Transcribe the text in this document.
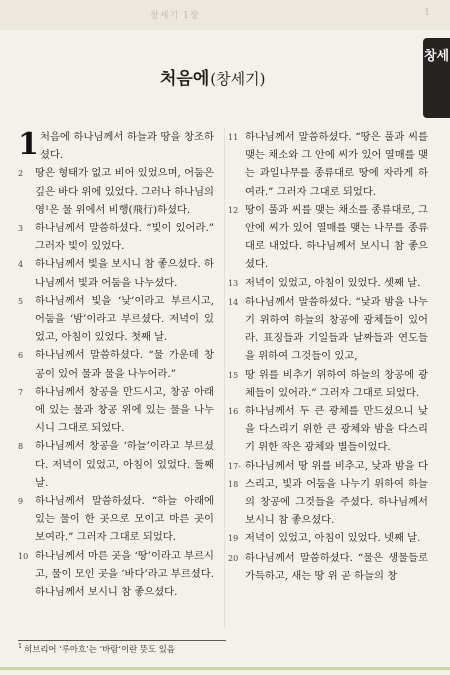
창세기 1장	1
창세
처음에(창세기)
1 처음에 하나님께서 하늘과 땅을 창조하셨다.
2	땅은 형태가 없고 비어 있었으며, 어둠은 깊은 바다 위에 있었다. 그러나 하나님의 영¹은 물 위에서 비행(飛行)하셨다.
3	하나님께서 말씀하셨다. “빛이 있어라.” 그러자 빛이 있었다.
4	하나님께서 빛을 보시니 참 좋으셨다. 하나님께서 빛과 어둠을 나누셨다.
5	하나님께서 빛을 ‘낮’이라고 부르시고, 어둠을 ‘밤’이라고 부르셨다. 저녁이 있었고, 아침이 있었다. 첫째 날.
6	하나님께서 말씀하셨다. “물 가운데 창공이 있어 물과 물을 나누어라.”
7	하나님께서 창공을 만드시고, 창공 아래에 있는 물과 창공 위에 있는 물을 나누시니 그대로 되었다.
8	하나님께서 창공을 ‘하늘’이라고 부르셨다. 저녁이 있었고, 아침이 있었다. 둘째 날.
9	하나님께서 말씀하셨다. “하늘 아래에 있는 물이 한 곳으로 모이고 마른 곳이 보여라.” 그러자 그대로 되었다.
10 하나님께서 마른 곳을 ‘땅’이라고 부르시고, 물이 모인 곳을 ‘바다’라고 부르셨다. 하나님께서 보시니 참 좋으셨다.
11 하나님께서 말씀하셨다. “땅은 풀과 씨를 맺는 채소와 그 안에 씨가 있어 열매를 맺는 과일나무를 종류대로 땅에 자라게 하여라.” 그러자 그대로 되었다.
12 땅이 풀과 씨를 맺는 채소를 종류대로, 그 안에 씨가 있어 열매를 맺는 나무를 종류대로 내었다. 하나님께서 보시니 참 좋으셨다.
13 저녁이 있었고, 아침이 있었다. 셋째 날.
14 하나님께서 말씀하셨다. “낮과 밤을 나누기 위하여 하늘의 창공에 광체들이 있어라. 표징들과 기일들과 날짜들과 연도들을 위하여 그것들이 있고,
15 땅 위를 비추기 위하여 하늘의 창공에 광체들이 있어라.” 그러자 그대로 되었다.
16 하나님께서 두 큰 광체를 만드셨으니 낮을 다스리기 위한 큰 광체와 밤을 다스리기 위한 작은 광체와 별들이었다.
17-18
하나님께서 땅 위를 비추고, 낮과 밤을 다스리고, 빛과 어둠을 나누기 위하여 하늘의 창공에 그것들을 주셨다. 하나님께서 보시니 참 좋으셨다.
19 저녁이 있었고, 아침이 있었다. 넷째 날.
20 하나님께서 말씀하셨다. “물은 생물들로 가득하고, 새는 땅 위 곧 하늘의 창
$^1$ 히브리어 ‘루아흐’는 ‘바람’이란 뜻도 있음
